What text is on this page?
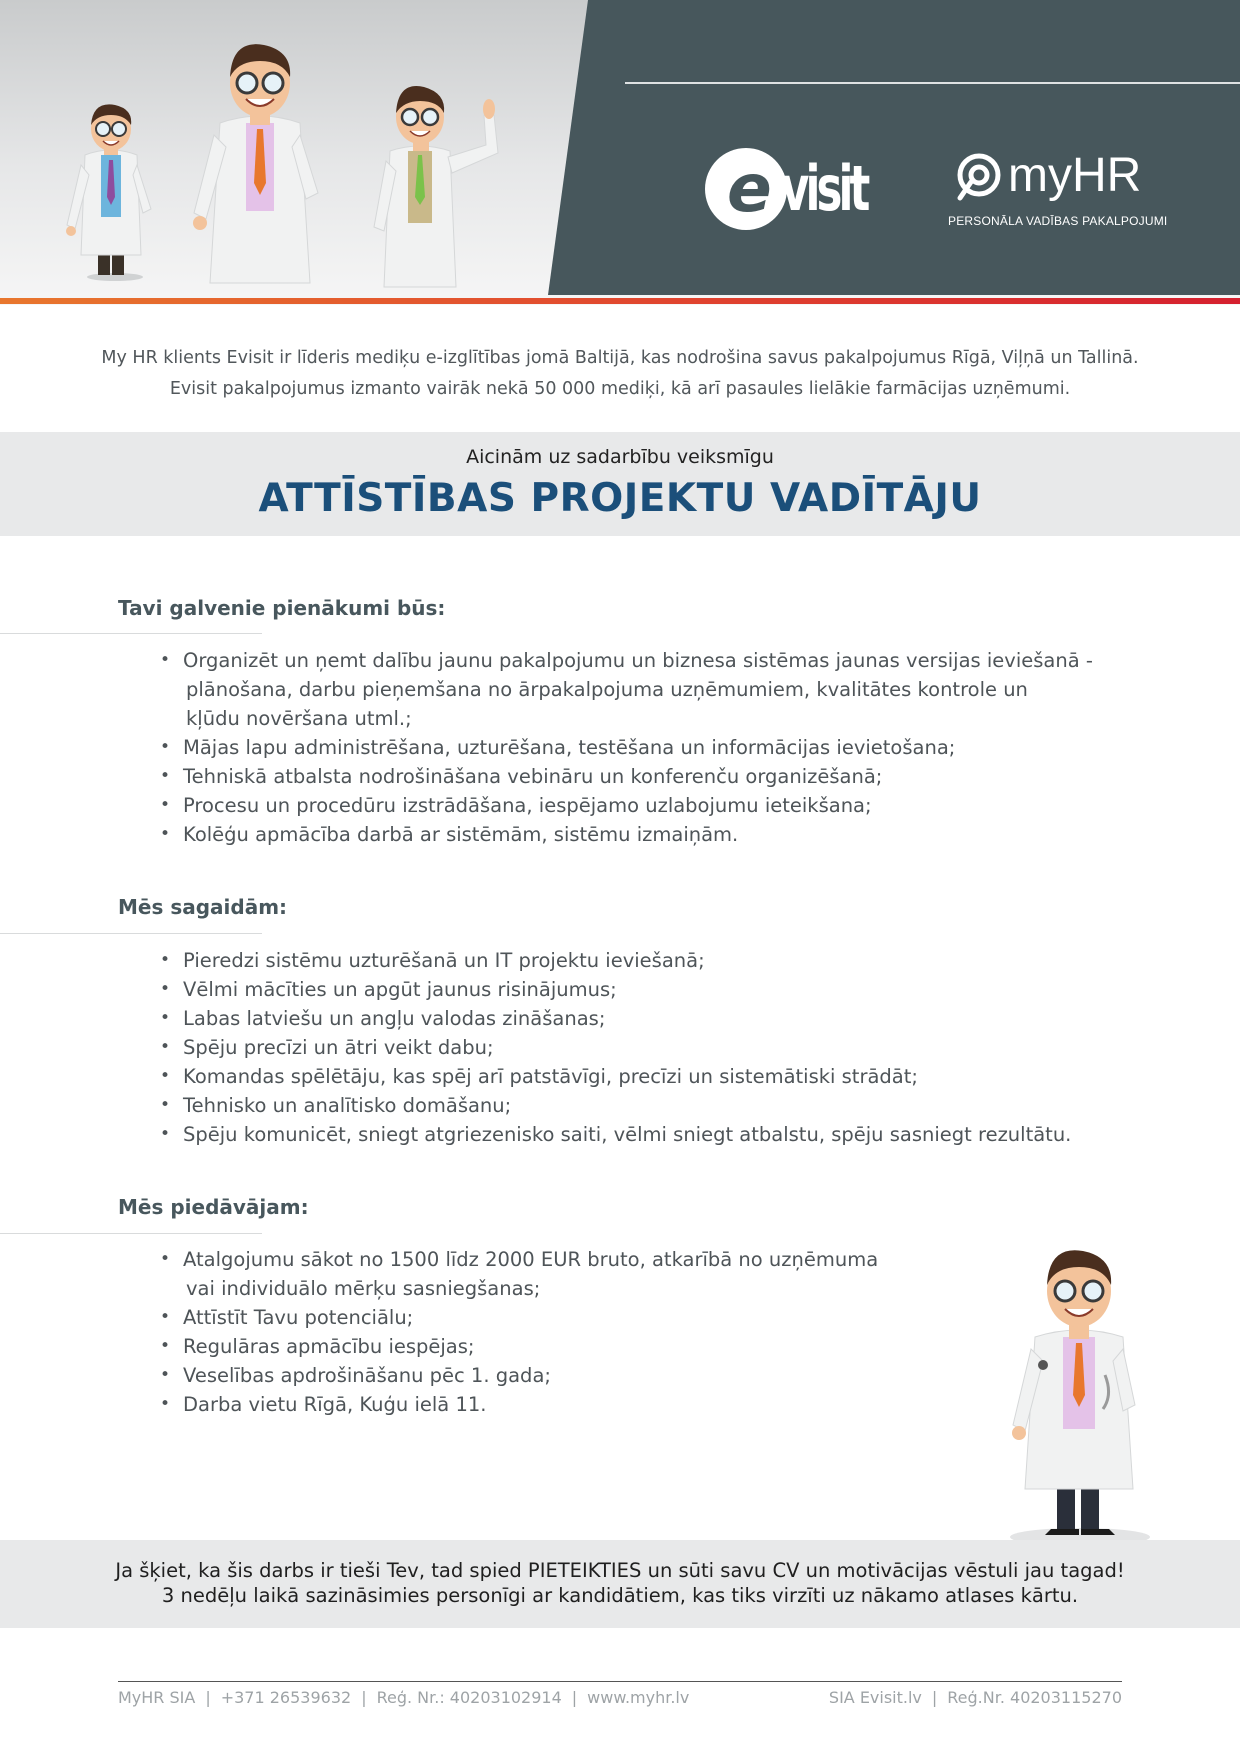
e visit	myHR
PERSONĀLA VADĪBAS PAKALPOJUMI

My HR klients Evisit ir līderis mediķu e-izglītības jomā Baltijā, kas nodrošina savus pakalpojumus Rīgā, Viļņā un Tallinā.

Evisit pakalpojumus izmanto vairāk nekā 50 000 mediķi, kā arī pasaules lielākie farmācijas uzņēmumi.

Aicinām uz sadarbību veiksmīgu
ATTĪSTĪBAS PROJEKTU VADĪTĀJU
Tavi galvenie pienākumi būs:
• Organizēt un ņemt dalību jaunu pakalpojumu un biznesa sistēmas jaunas versijas ieviešanā -
plānošana, darbu pieņemšana no ārpakalpojuma uzņēmumiem, kvalitātes kontrole un
kļūdu novēršana utml.;
• Mājas lapu administrēšana, uzturēšana, testēšana un informācijas ievietošana;
• Tehniskā atbalsta nodrošināšana vebināru un konferenču organizēšanā;
• Procesu un procedūru izstrādāšana, iespējamo uzlabojumu ieteikšana;
• Kolēģu apmācība darbā ar sistēmām, sistēmu izmaiņām.
Mēs sagaidām:
• Pieredzi sistēmu uzturēšanā un IT projektu ieviešanā;
• Vēlmi mācīties un apgūt jaunus risinājumus;
• Labas latviešu un angļu valodas zināšanas;
• Spēju precīzi un ātri veikt dabu;
• Komandas spēlētāju, kas spēj arī patstāvīgi, precīzi un sistemātiski strādāt;
• Tehnisko un analītisko domāšanu;
• Spēju komunicēt, sniegt atgriezenisko saiti, vēlmi sniegt atbalstu, spēju sasniegt rezultātu.
Mēs piedāvājam:
• Atalgojumu sākot no 1500 līdz 2000 EUR bruto, atkarībā no uzņēmuma
vai individuālo mērķu sasniegšanas;
• Attīstīt Tavu potenciālu;
• Regulāras apmācību iespējas;
• Veselības apdrošināšanu pēc 1. gada;
• Darba vietu Rīgā, Kuģu ielā 11.

Ja šķiet, ka šis darbs ir tieši Tev, tad spied PIETEIKTIES un sūti savu CV un motivācijas vēstuli jau tagad!

3 nedēļu laikā sazināsimies personīgi ar kandidātiem, kas tiks virzīti uz nākamo atlases kārtu.

MyHR SIA | +371 26539632 | Reģ. Nr.: 40203102914 | www.myhr.lv	SIA Evisit.lv | Reģ.Nr. 40203115270
